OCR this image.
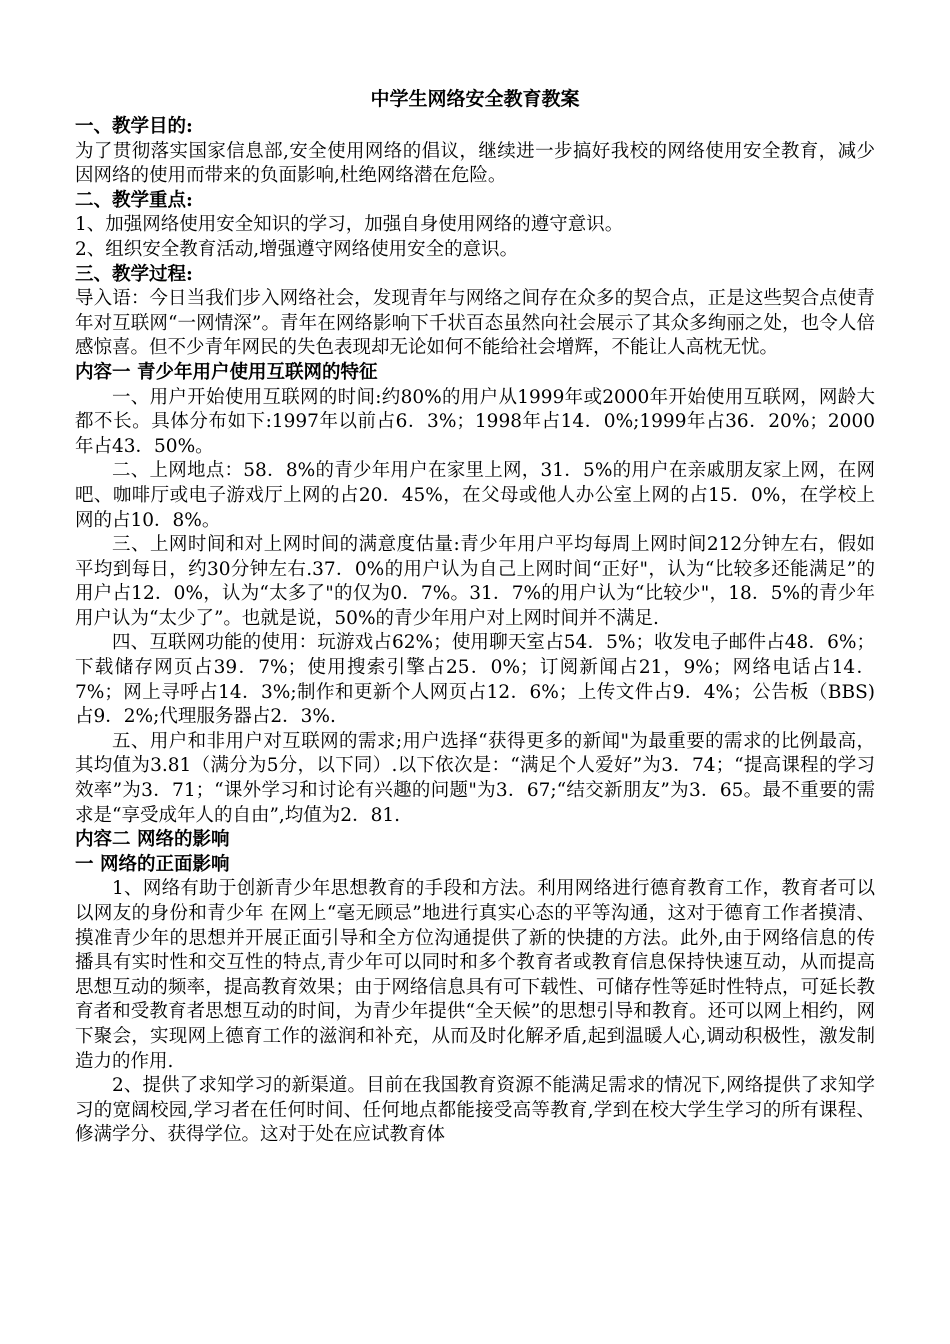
中学生网络安全教育教案
一、教学目的:
为了贯彻落实国家信息部,安全使用网络的倡议，继续进一步搞好我校的网络使用安全教育，减少因网络的使用而带来的负面影响,杜绝网络潜在危险。
二、教学重点:
1、加强网络使用安全知识的学习，加强自身使用网络的遵守意识。
2、组织安全教育活动,增强遵守网络使用安全的意识。
三、教学过程:
导入语：今日当我们步入网络社会，发现青年与网络之间存在众多的契合点，正是这些契合点使青年对互联网“一网情深”。青年在网络影响下千状百态虽然向社会展示了其众多绚丽之处，也令人倍感惊喜。但不少青年网民的失色表现却无论如何不能给社会增辉，不能让人高枕无忧。
内容一 青少年用户使用互联网的特征
一、用户开始使用互联网的时间:约80%的用户从1999年或2000年开始使用互联网，网龄大都不长。具体分布如下:1997年以前占6．3%；1998年占14．0%;1999年占36．20%；2000年占43．50%。
二、上网地点：58．8%的青少年用户在家里上网，31．5%的用户在亲戚朋友家上网，在网吧、咖啡厅或电子游戏厅上网的占20．45%，在父母或他人办公室上网的占15．0%，在学校上网的占10．8%。
三、上网时间和对上网时间的满意度估量:青少年用户平均每周上网时间212分钟左右，假如平均到每日，约30分钟左右.37．0%的用户认为自己上网时间“正好"，认为“比较多还能满足”的用户占12．0%，认为“太多了"的仅为0．7%。31．7%的用户认为“比较少"，18．5%的青少年用户认为“太少了”。也就是说，50%的青少年用户对上网时间并不满足.
四、互联网功能的使用：玩游戏占62%；使用聊天室占54．5%；收发电子邮件占48．6%；下载储存网页占39．7%；使用搜索引擎占25．0%；订阅新闻占21，9%；网络电话占14．7%；网上寻呼占14．3%;制作和更新个人网页占12．6%；上传文件占9．4%；公告板（BBS)占9．2%;代理服务器占2．3%.
五、用户和非用户对互联网的需求;用户选择“获得更多的新闻"为最重要的需求的比例最高，其均值为3.81（满分为5分，以下同）.以下依次是：“满足个人爱好”为3．74；“提高课程的学习效率”为3．71；“课外学习和讨论有兴趣的问题"为3．67;“结交新朋友”为3．65。最不重要的需求是“享受成年人的自由”,均值为2．81.
内容二 网络的影响
一 网络的正面影响
1、网络有助于创新青少年思想教育的手段和方法。利用网络进行德育教育工作，教育者可以以网友的身份和青少年 在网上“毫无顾忌”地进行真实心态的平等沟通，这对于德育工作者摸清、摸准青少年的思想并开展正面引导和全方位沟通提供了新的快捷的方法。此外,由于网络信息的传播具有实时性和交互性的特点,青少年可以同时和多个教育者或教育信息保持快速互动，从而提高思想互动的频率，提高教育效果；由于网络信息具有可下载性、可储存性等延时性特点，可延长教育者和受教育者思想互动的时间，为青少年提供“全天候”的思想引导和教育。还可以网上相约，网下聚会，实现网上德育工作的滋润和补充，从而及时化解矛盾,起到温暖人心,调动积极性，激发制造力的作用.
2、提供了求知学习的新渠道。目前在我国教育资源不能满足需求的情况下,网络提供了求知学习的宽阔校园,学习者在任何时间、任何地点都能接受高等教育,学到在校大学生学习的所有课程、修满学分、获得学位。这对于处在应试教育体
